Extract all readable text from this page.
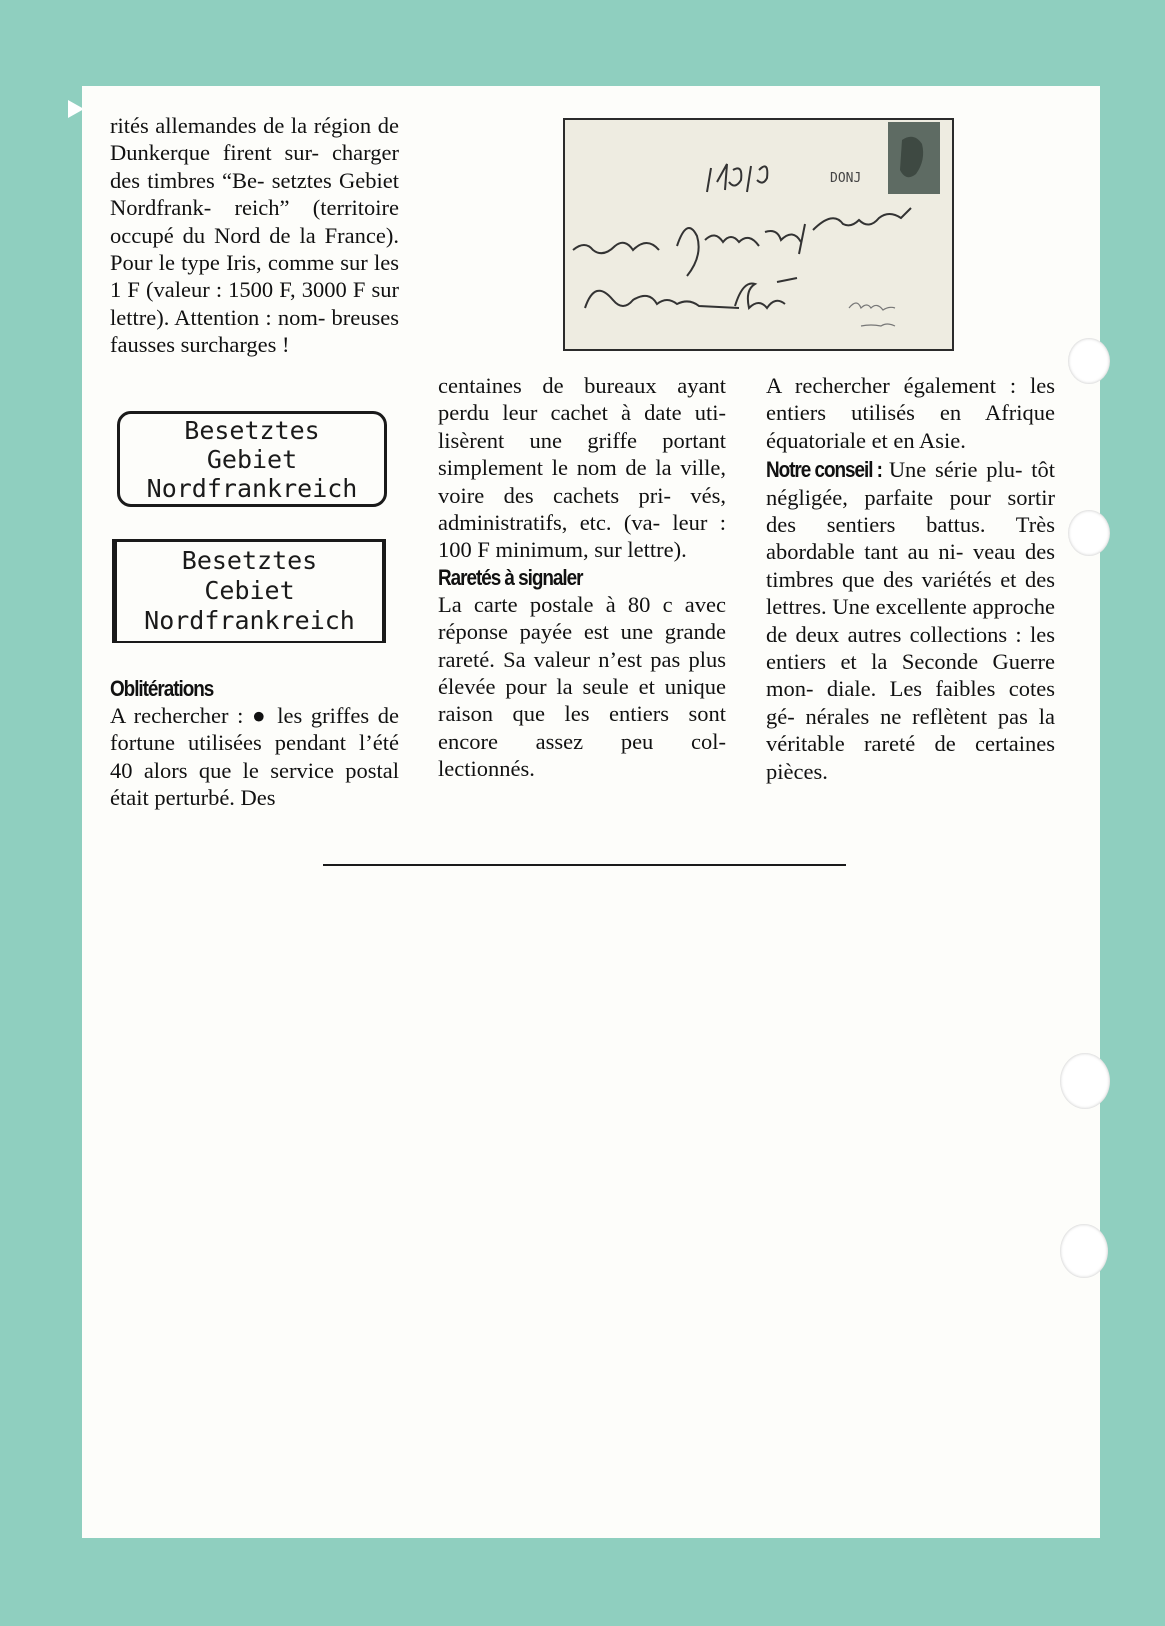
rités allemandes de la région de Dunkerque firent sur- charger des timbres “Be- setztes Gebiet Nordfrank- reich” (territoire occupé du Nord de la France). Pour le type Iris, comme sur les 1 F (valeur : 1500 F, 3000 F sur lettre). Attention : nom- breuses fausses surcharges !

Besetztes
Gebiet
Nordfrankreich
Besetztes
Cebiet
Nordfrankreich
Oblitérations

A rechercher : ● les griffes de fortune utilisées pendant l’été 40 alors que le service postal était perturbé. Des

DONJ

centaines de bureaux ayant perdu leur cachet à date uti- lisèrent une griffe portant simplement le nom de la ville, voire des cachets pri- vés, administratifs, etc. (va- leur : 100 F minimum, sur lettre).

Raretés à signaler

La carte postale à 80 c avec réponse payée est une grande rareté. Sa valeur n’est pas plus élevée pour la seule et unique raison que les entiers sont encore assez peu col- lectionnés.

A rechercher également : les entiers utilisés en Afrique équatoriale et en Asie.

Notre conseil :Une série plu- tôt négligée, parfaite pour sortir des sentiers battus. Très abordable tant au ni- veau des timbres que des variétés et des lettres. Une excellente approche de deux autres collections : les entiers et la Seconde Guerre mon- diale. Les faibles cotes gé- nérales ne reflètent pas la véritable rareté de certaines pièces.
